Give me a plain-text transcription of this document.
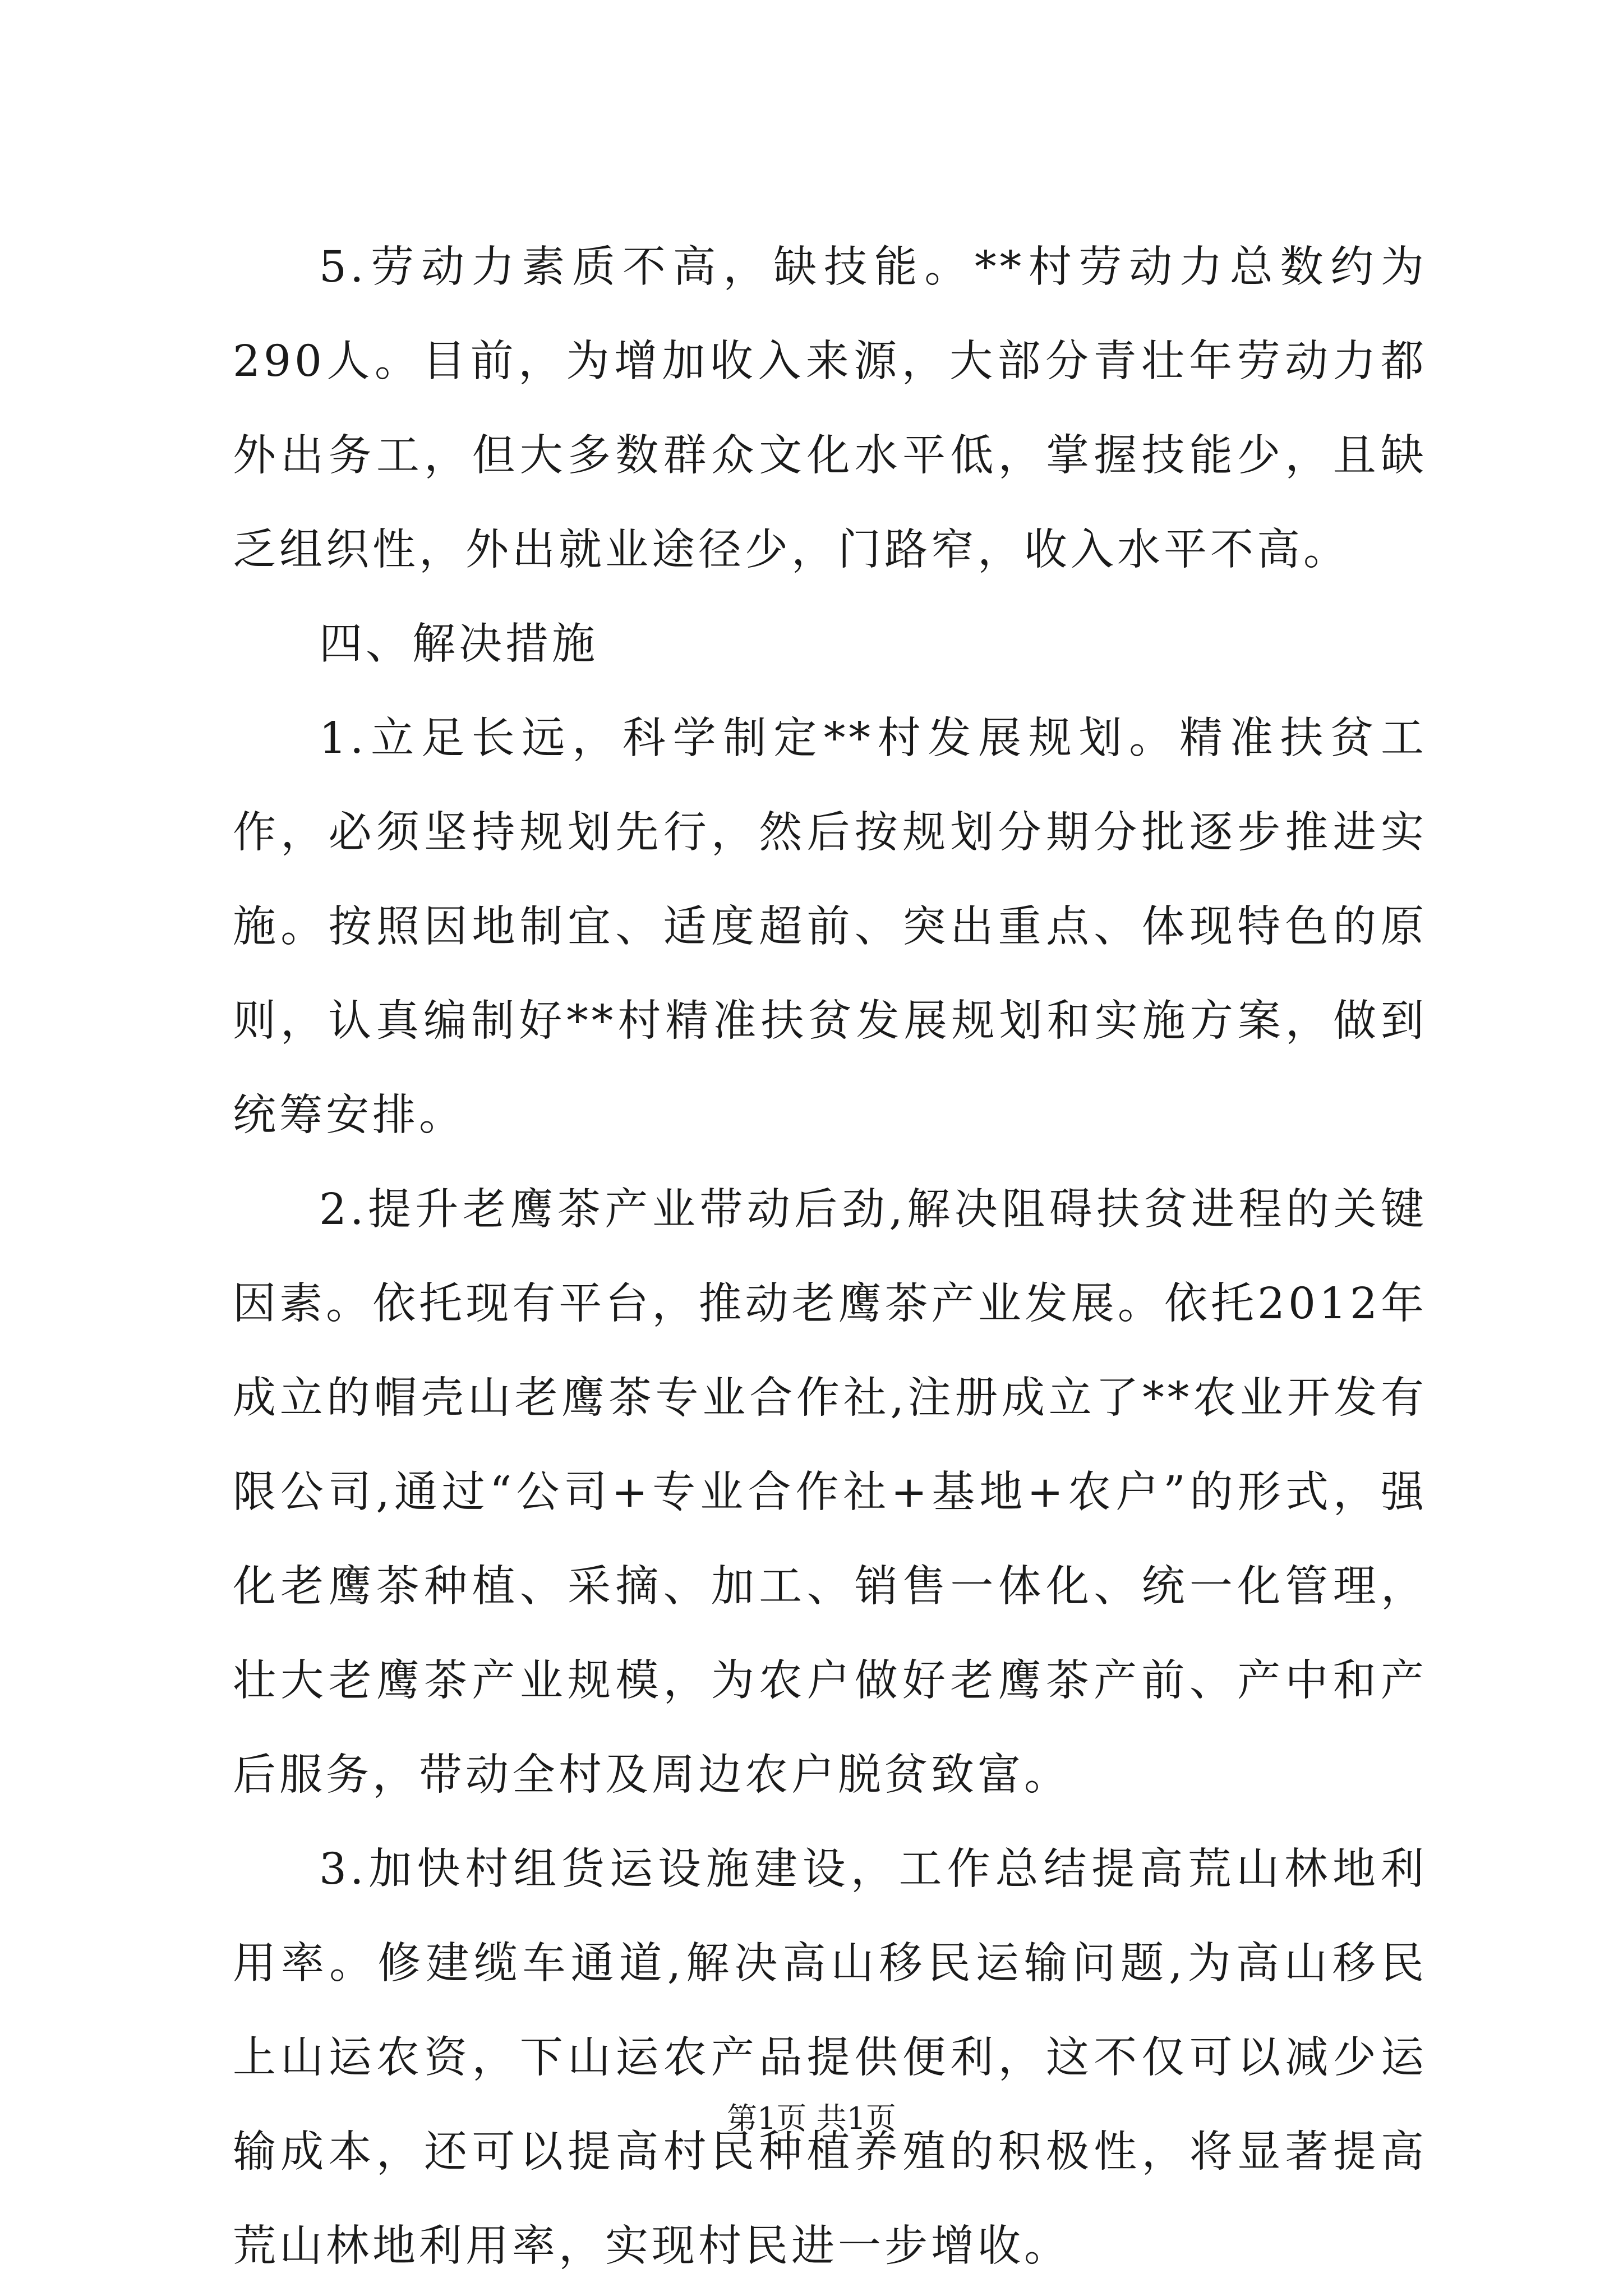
5.劳动力素质不高，缺技能。**村劳动力总数约为290人。目前，为增加收入来源，大部分青壮年劳动力都外出务工，但大多数群众文化水平低，掌握技能少，且缺乏组织性，外出就业途径少，门路窄，收入水平不高。

四、解决措施

1.立足长远，科学制定**村发展规划。精准扶贫工作，必须坚持规划先行，然后按规划分期分批逐步推进实施。按照因地制宜、适度超前、突出重点、体现特色的原则，认真编制好**村精准扶贫发展规划和实施方案，做到统筹安排。

2.提升老鹰茶产业带动后劲,解决阻碍扶贫进程的关键因素。依托现有平台，推动老鹰茶产业发展。依托2012年成立的帽壳山老鹰茶专业合作社,注册成立了**农业开发有限公司,通过“公司+专业合作社+基地+农户”的形式，强化老鹰茶种植、采摘、加工、销售一体化、统一化管理，壮大老鹰茶产业规模，为农户做好老鹰茶产前、产中和产后服务，带动全村及周边农户脱贫致富。

3.加快村组货运设施建设，工作总结提高荒山林地利用率。修建缆车通道,解决高山移民运输问题,为高山移民上山运农资，下山运农产品提供便利，这不仅可以减少运输成本，还可以提高村民种植养殖的积极性，将显著提高荒山林地利用率，实现村民进一步增收。

第1页 共1页
